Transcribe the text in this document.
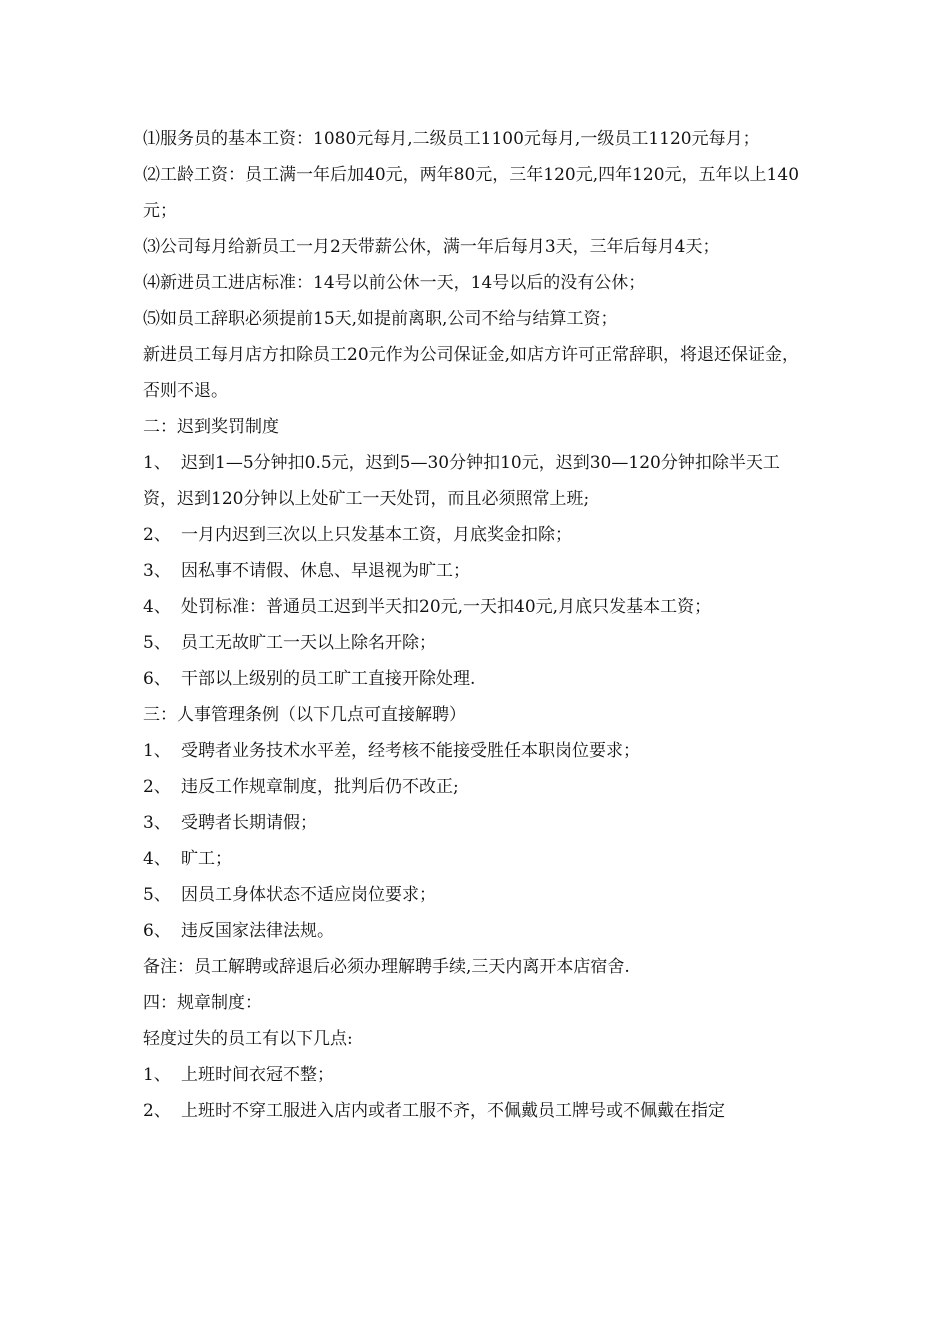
⑴服务员的基本工资：1080元每月,二级员工1100元每月,一级员工1120元每月；

⑵工龄工资：员工满一年后加40元，两年80元，三年120元,四年120元，五年以上140元；

⑶公司每月给新员工一月2天带薪公休，满一年后每月3天，三年后每月4天；

⑷新进员工进店标准：14号以前公休一天，14号以后的没有公休；

⑸如员工辞职必须提前15天,如提前离职,公司不给与结算工资；

新进员工每月店方扣除员工20元作为公司保证金,如店方许可正常辞职，将退还保证金，否则不退。

二：迟到奖罚制度

1、 迟到1—5分钟扣0.5元，迟到5—30分钟扣10元，迟到30—120分钟扣除半天工资，迟到120分钟以上处矿工一天处罚，而且必须照常上班;

2、 一月内迟到三次以上只发基本工资，月底奖金扣除；

3、 因私事不请假、休息、早退视为旷工；

4、 处罚标准：普通员工迟到半天扣20元,一天扣40元,月底只发基本工资；

5、 员工无故旷工一天以上除名开除；

6、 干部以上级别的员工旷工直接开除处理.

三：人事管理条例（以下几点可直接解聘）

1、 受聘者业务技术水平差，经考核不能接受胜任本职岗位要求；

2、 违反工作规章制度，批判后仍不改正;

3、 受聘者长期请假；

4、 旷工；

5、 因员工身体状态不适应岗位要求；

6、 违反国家法律法规。

备注：员工解聘或辞退后必须办理解聘手续,三天内离开本店宿舍.

四：规章制度：

轻度过失的员工有以下几点:

1、 上班时间衣冠不整；

2、 上班时不穿工服进入店内或者工服不齐，不佩戴员工牌号或不佩戴在指定
